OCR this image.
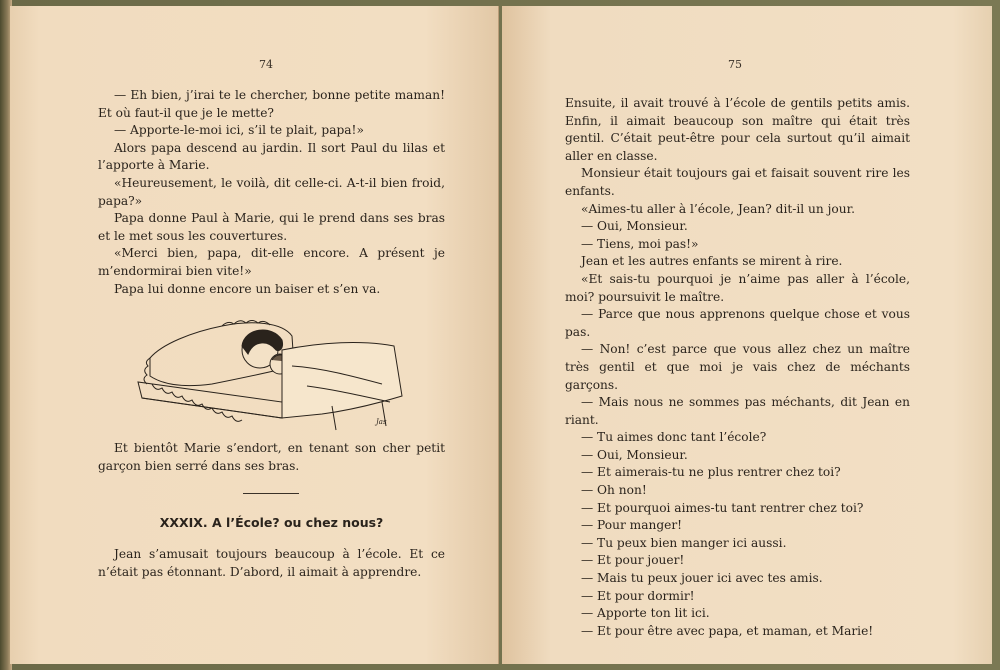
74

— Eh bien, j’irai te le chercher, bonne petite maman! Et où faut-il que je le mette?

— Apporte-le-moi ici, s’il te plait, papa!»

Alors papa descend au jardin. Il sort Paul du lilas et l’apporte à Marie.

«Heureusement, le voilà, dit celle-ci. A-t-il bien froid, papa?»

Papa donne Paul à Marie, qui le prend dans ses bras et le met sous les couvertures.

«Merci bien, papa, dit-elle encore. A présent je m’endormirai bien vite!»

Papa lui donne encore un baiser et s’en va.

Jas

Et bientôt Marie s’endort, en tenant son cher petit garçon bien serré dans ses bras.

XXXIX. A l’École? ou chez nous?

Jean s’amusait toujours beaucoup à l’école. Et ce n’était pas étonnant. D’abord, il aimait à apprendre.

75

Ensuite, il avait trouvé à l’école de gentils petits amis. Enfin, il aimait beaucoup son maître qui était très gentil. C’était peut-être pour cela surtout qu’il aimait aller en classe.

Monsieur était toujours gai et faisait souvent rire les enfants.

«Aimes-tu aller à l’école, Jean? dit-il un jour.

— Oui, Monsieur.

— Tiens, moi pas!»

Jean et les autres enfants se mirent à rire.

«Et sais-tu pourquoi je n’aime pas aller à l’école, moi? poursuivit le maître.

— Parce que nous apprenons quelque chose et vous pas.

— Non! c’est parce que vous allez chez un maître très gentil et que moi je vais chez de méchants garçons.

— Mais nous ne sommes pas méchants, dit Jean en riant.

— Tu aimes donc tant l’école?

— Oui, Monsieur.

— Et aimerais-tu ne plus rentrer chez toi?

— Oh non!

— Et pourquoi aimes-tu tant rentrer chez toi?

— Pour manger!

— Tu peux bien manger ici aussi.

— Et pour jouer!

— Mais tu peux jouer ici avec tes amis.

— Et pour dormir!

— Apporte ton lit ici.

— Et pour être avec papa, et maman, et Marie!
